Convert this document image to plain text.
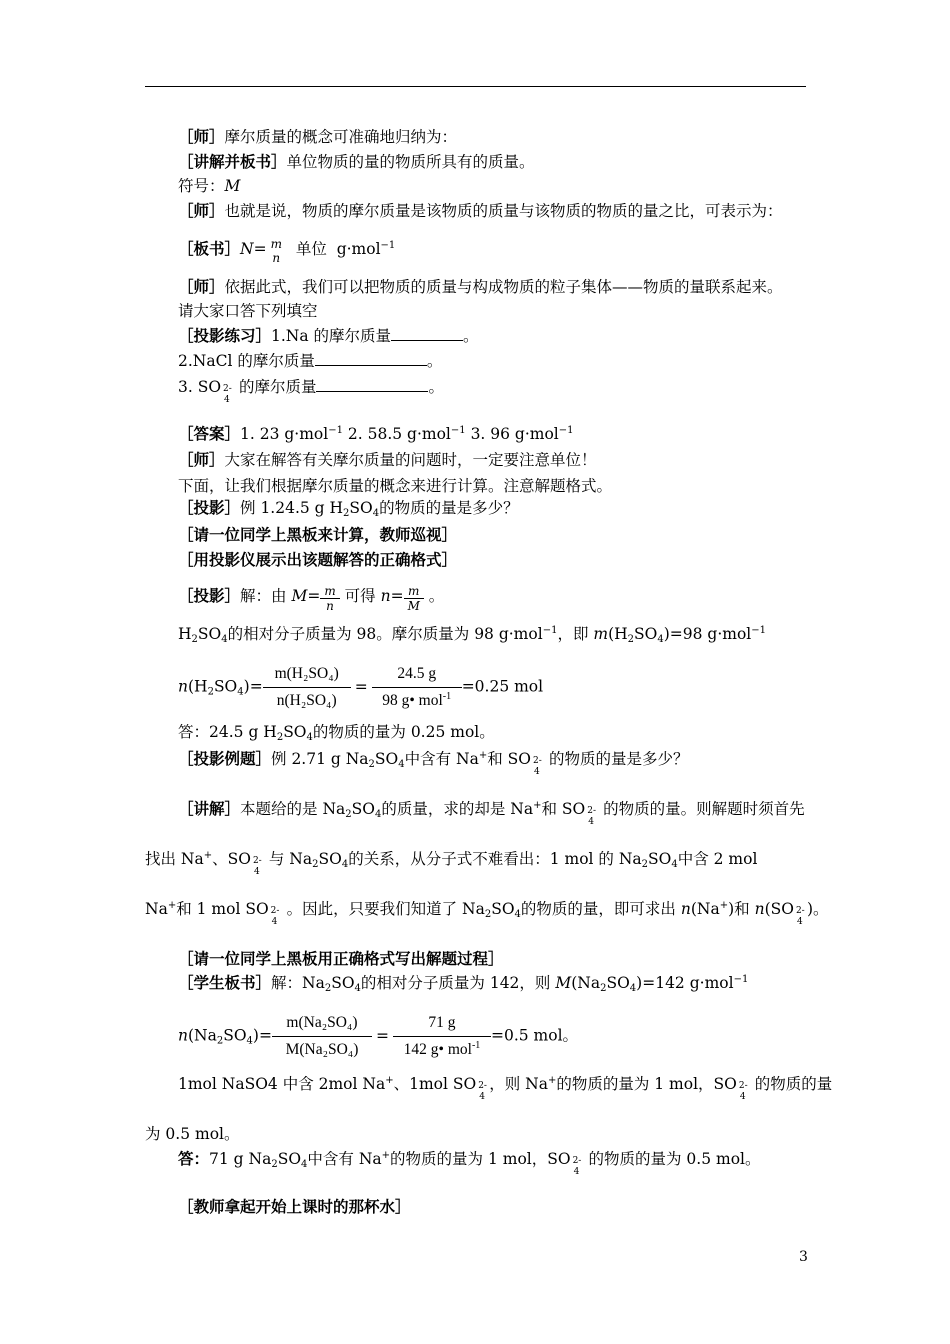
［师］摩尔质量的概念可准确地归纳为：
［讲解并板书］单位物质的量的物质所具有的质量。
符号：M
［师］也就是说，物质的摩尔质量是该物质的质量与该物质的物质的量之比，可表示为：
［板书］N= m
n	单位 g·mol$^{-1}$
［师］依据此式，我们可以把物质的质量与构成物质的粒子集体——物质的量联系起来。
请大家口答下列填空
［投影练习］1.Na 的摩尔质量	。
2.NaCl 的摩尔质量	。
3. SO 2-
4
的摩尔质量	。
［答案］1. 23 g·mol$^{-1}$ 2. 58.5 g·mol$^{-1}$ 3. 96 g·mol$^{-1}$
［师］大家在解答有关摩尔质量的问题时，一定要注意单位！
下面，让我们根据摩尔质量的概念来进行计算。注意解题格式。
［投影］例 1.24.5 g $H_2SO_4$的物质的量是多少？
［请一位同学上黑板来计算，教师巡视］
［用投影仪展示出该题解答的正确格式］
［投影］解：由 $M= \frac{m}{n}$ 可得 $n= \frac{m}{M}$ 。
$H_2SO_4$的相对分子质量为 98。摩尔质量为 98 g·mol$^{-1}$，即 $m(H_2SO_4)=98$ g·mol$^{-1}$
$n(H_2SO_4)= \frac{\text{m(H₂SO₄)}}{\text{n(H₂SO₄)}} = \frac{24.5 g}{98 g• mol^{-1}} =0.25$ mol
答：24.5 g $H_2SO_4$的物质的量为 0.25 mol。
［投影例题］例 2.71 g $Na_2SO_4$中含有 Na+和 SO 2-
4
的物质的量是多少？
［讲解］本题给的是 $Na_2SO_4$的质量，求的却是 Na+和 SO 2-
4
的物质的量。则解题时须首先
找出 Na+、SO 2-
4
与 $Na_2SO_4$的关系，从分子式不难看出：1 mol 的 $Na_2SO_4$中含 2 mol
Na+和 1 mol SO 2-
4
。因此，只要我们知道了 $Na_2SO_4$的物质的量，即可求出 n(Na+)和 n(SO 2-
4
)。
［请一位同学上黑板用正确格式写出解题过程］
［学生板书］解：$Na_2SO_4$的相对分子质量为 142，则 $M(Na_2SO_4)=142$ g·mol$^{-1}$
$n(Na_2SO_4)= \frac{\text{m(Na₂SO₄)}}{\text{M(Na₂SO₄)}} = \frac{71 g}{142 g• mol^{-1}} =0.5$ mol。
1mol NaSO4 中含 2mol Na+、1mol SO 2-
4
，则 Na+的物质的量为 1 mol，SO 2-
4
的物质的量
为 0.5 mol。
答：71 g $Na_2SO_4$中含有 Na+的物质的量为 1 mol，SO 2-
4
的物质的量为 0.5 mol。
［教师拿起开始上课时的那杯水］
3
